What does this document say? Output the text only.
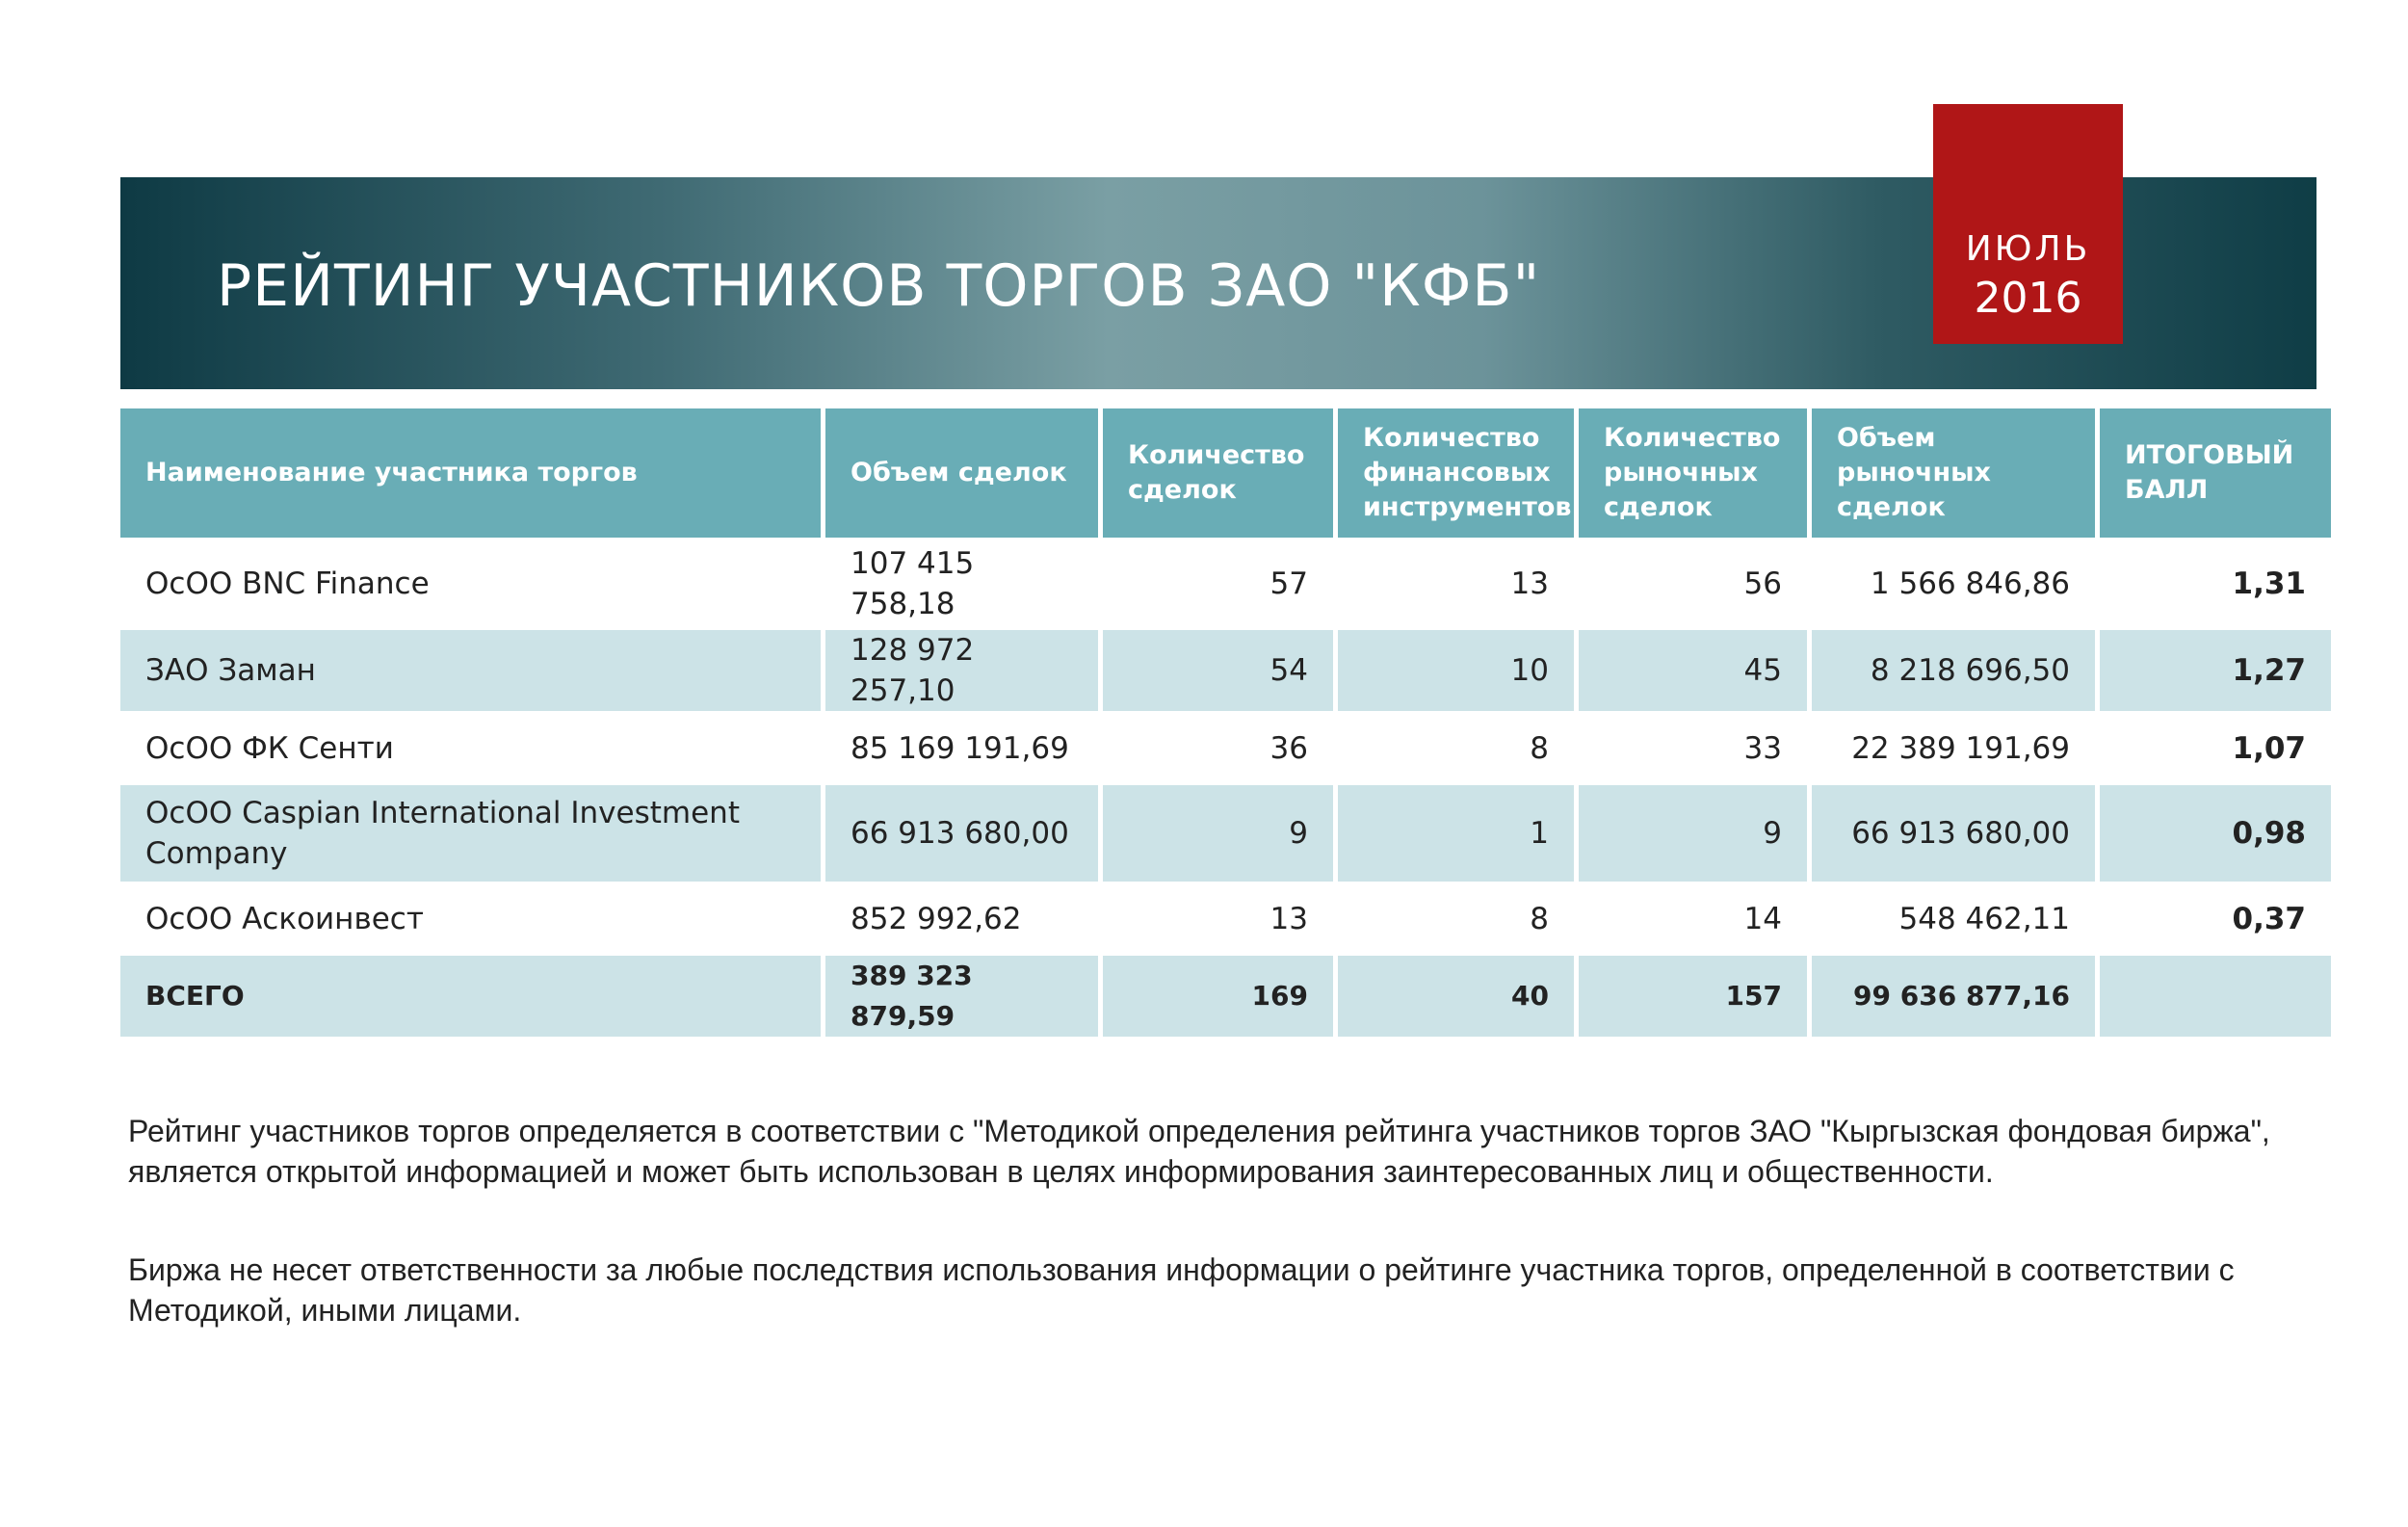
РЕЙТИНГ УЧАСТНИКОВ ТОРГОВ ЗАО "КФБ"
ИЮЛЬ
2016
Наименование участника торгов	Объем сделок	Количество сделок	Количество финансовых инструментов	Количество рыночных сделок	Объем рыночных сделок	ИТОГОВЫЙ БАЛЛ
ОсОО BNC Finance	107 415 758,18	57	13	56	1 566 846,86	1,31
ЗАО Заман	128 972 257,10	54	10	45	8 218 696,50	1,27
ОсОО ФК Сенти	85 169 191,69	36	8	33	22 389 191,69	1,07
ОсОО Caspian International Investment Company	66 913 680,00	9	1	9	66 913 680,00	0,98
ОсОО Аскоинвест	852 992,62	13	8	14	548 462,11	0,37
ВСЕГО	389 323 879,59	169	40	157	99 636 877,16	
Рейтинг участников торгов определяется в соответствии с "Методикой определения рейтинга участников торгов ЗАО "Кыргызская фондовая биржа", является открытой информацией и может быть использован в целях информирования заинтересованных лиц и общественности.
Биржа не несет ответственности за любые последствия использования информации о рейтинге участника торгов, определенной в соответствии с Методикой, иными лицами.
